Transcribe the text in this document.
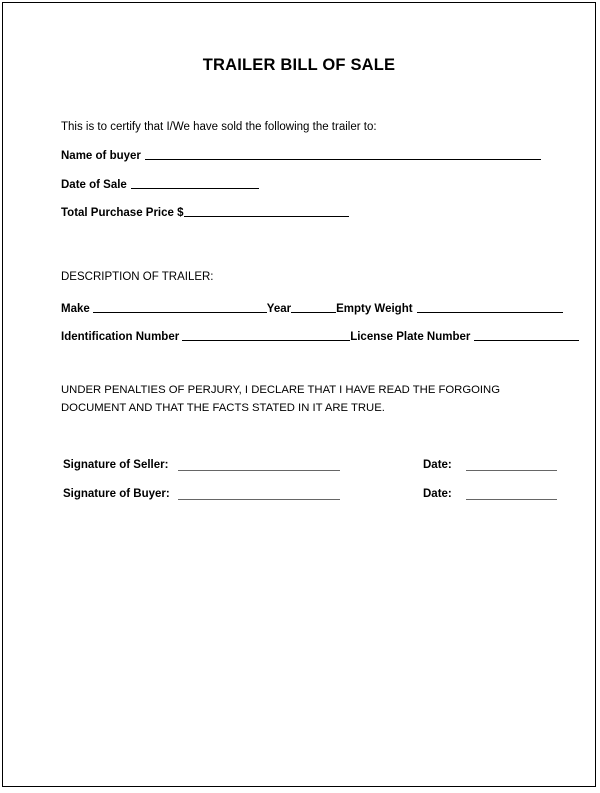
TRAILER BILL OF SALE
This is to certify that I/We have sold the following the trailer to:
Name of buyer
Date of Sale
Total Purchase Price $
DESCRIPTION OF TRAILER:
Make	Year	Empty Weight
Identification Number	License Plate Number
UNDER PENALTIES OF PERJURY, I DECLARE THAT I HAVE READ THE FORGOING DOCUMENT AND THAT THE FACTS STATED IN IT ARE TRUE.
Signature of Seller:	Date:
Signature of Buyer:	Date:
